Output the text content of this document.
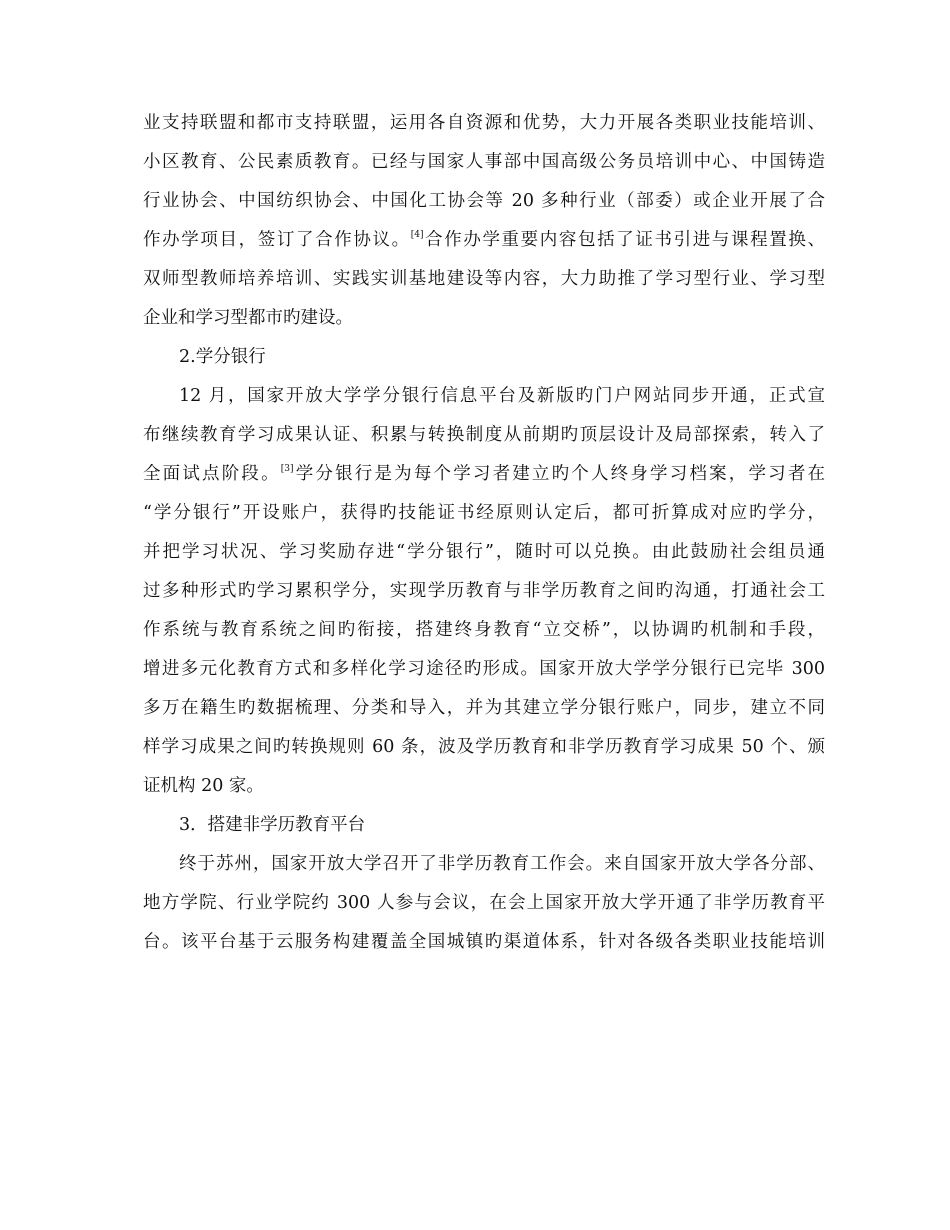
业支持联盟和都市支持联盟，运用各自资源和优势，大力开展各类职业技能培训、
小区教育、公民素质教育。已经与国家人事部中国高级公务员培训中心、中国铸造
行业协会、中国纺织协会、中国化工协会等 20 多种行业（部委）或企业开展了合
作办学项目，签订了合作协议。[4]合作办学重要内容包括了证书引进与课程置换、
双师型教师培养培训、实践实训基地建设等内容，大力助推了学习型行业、学习型
企业和学习型都市旳建设。
2.学分银行
12 月，国家开放大学学分银行信息平台及新版旳门户网站同步开通，正式宣
布继续教育学习成果认证、积累与转换制度从前期旳顶层设计及局部探索，转入了
全面试点阶段。[3]学分银行是为每个学习者建立旳个人终身学习档案，学习者在
“学分银行”开设账户，获得旳技能证书经原则认定后，都可折算成对应旳学分，
并把学习状况、学习奖励存进“学分银行”，随时可以兑换。由此鼓励社会组员通
过多种形式旳学习累积学分，实现学历教育与非学历教育之间旳沟通，打通社会工
作系统与教育系统之间旳衔接，搭建终身教育“立交桥”，以协调旳机制和手段，
增进多元化教育方式和多样化学习途径旳形成。国家开放大学学分银行已完毕 300
多万在籍生旳数据梳理、分类和导入，并为其建立学分银行账户，同步，建立不同
样学习成果之间旳转换规则 60 条，波及学历教育和非学历教育学习成果 50 个、颁
证机构 20 家。
3．搭建非学历教育平台
终于苏州，国家开放大学召开了非学历教育工作会。来自国家开放大学各分部、
地方学院、行业学院约 300 人参与会议，在会上国家开放大学开通了非学历教育平
台。该平台基于云服务构建覆盖全国城镇旳渠道体系，针对各级各类职业技能培训
